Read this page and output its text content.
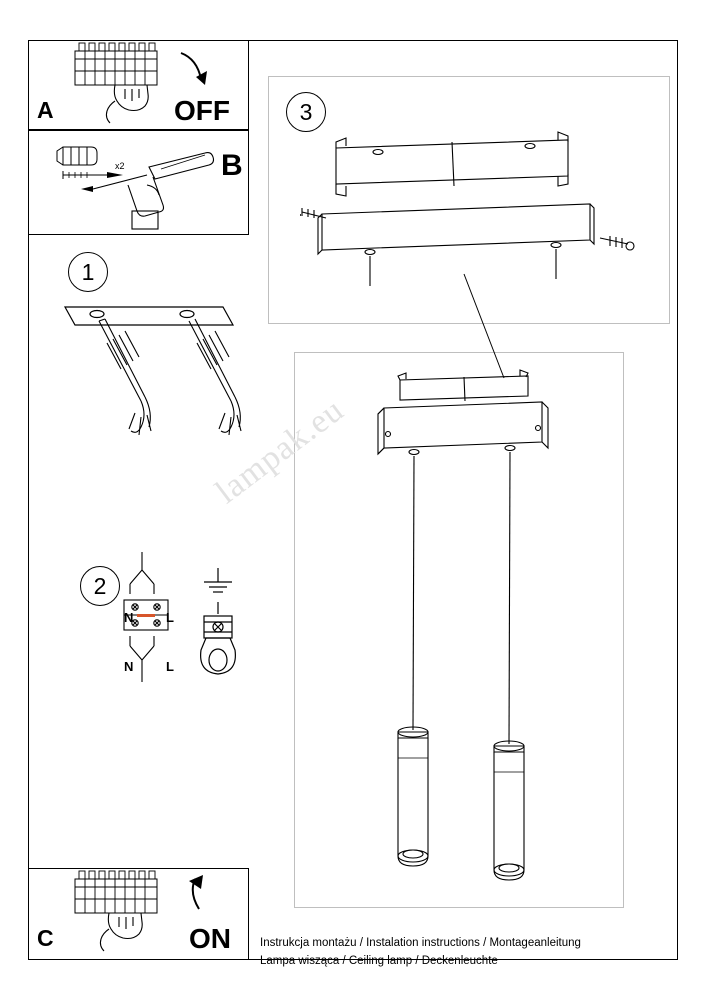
A	OFF
x2	B
1
2
N L
N L
3
lampak.eu
C	ON	Instrukcja montażu / Instalation instructions / Montageanleitung
Lampa wisząca / Ceiling lamp / Deckenleuchte
